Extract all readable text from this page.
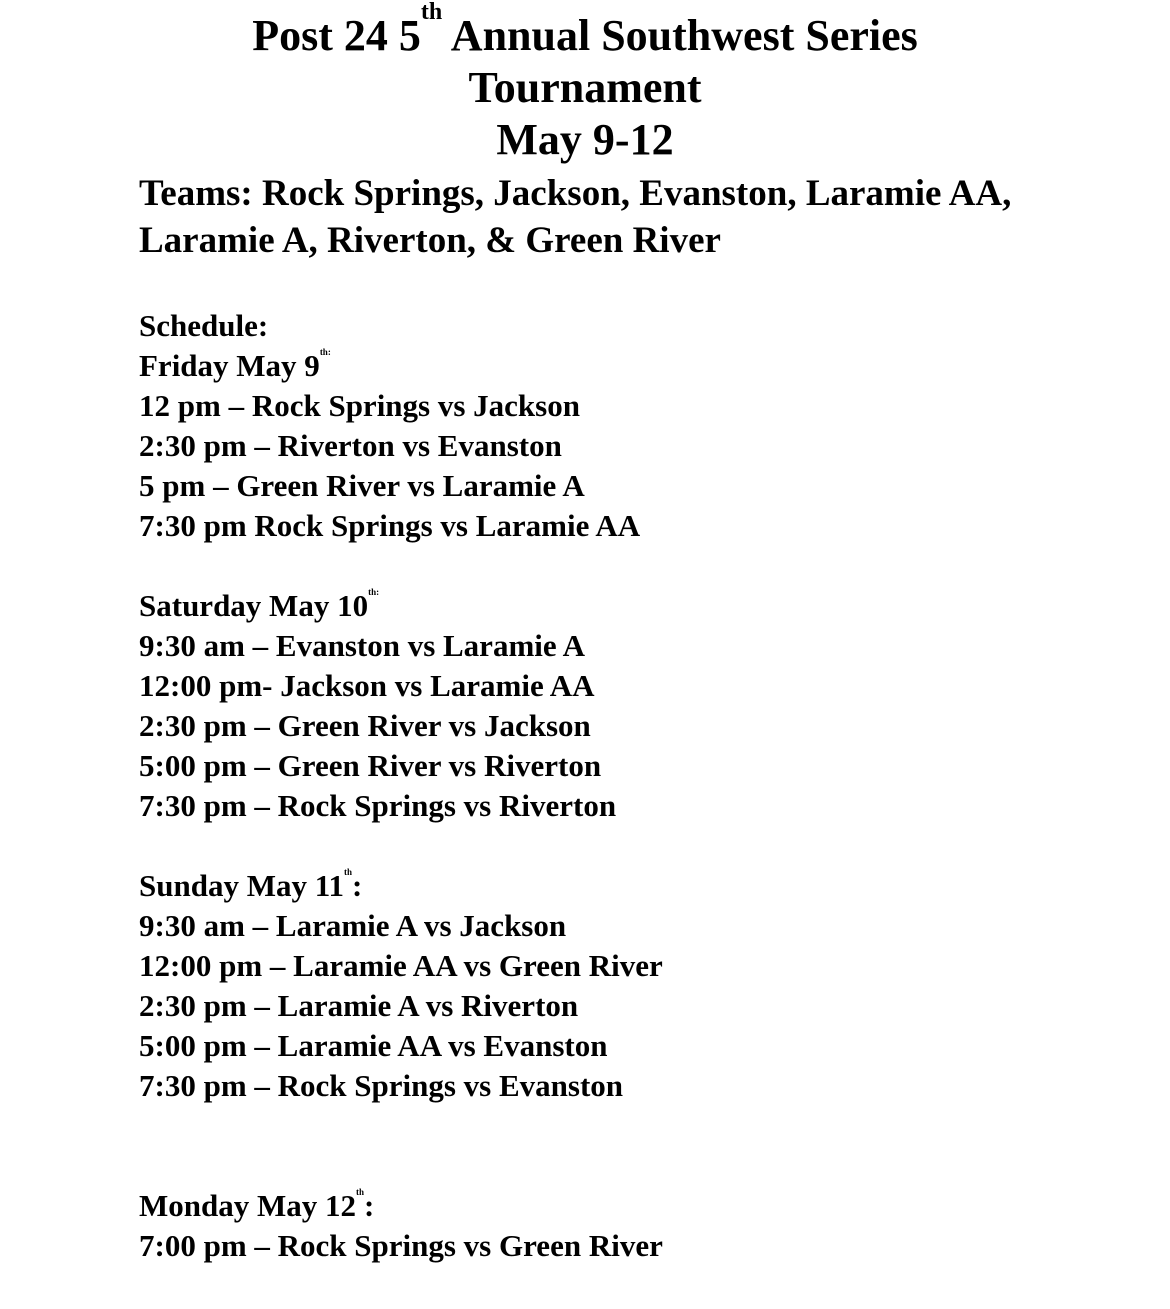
Post 24 5th Annual Southwest Series
Tournament
May 9-12
Teams: Rock Springs, Jackson, Evanston, Laramie AA, Laramie A, Riverton, & Green River
Schedule:
Friday May $9^{th:}$
12 pm – Rock Springs vs Jackson
2:30 pm – Riverton vs Evanston
5 pm – Green River vs Laramie A
7:30 pm Rock Springs vs Laramie AA
Saturday May $10^{th:}$
9:30 am – Evanston vs Laramie A
12:00 pm- Jackson vs Laramie AA
2:30 pm – Green River vs Jackson
5:00 pm – Green River vs Riverton
7:30 pm – Rock Springs vs Riverton
Sunday May 11th:
9:30 am – Laramie A vs Jackson
12:00 pm – Laramie AA vs Green River
2:30 pm – Laramie A vs Riverton
5:00 pm – Laramie AA vs Evanston
7:30 pm – Rock Springs vs Evanston
Monday May 12th:
7:00 pm – Rock Springs vs Green River
